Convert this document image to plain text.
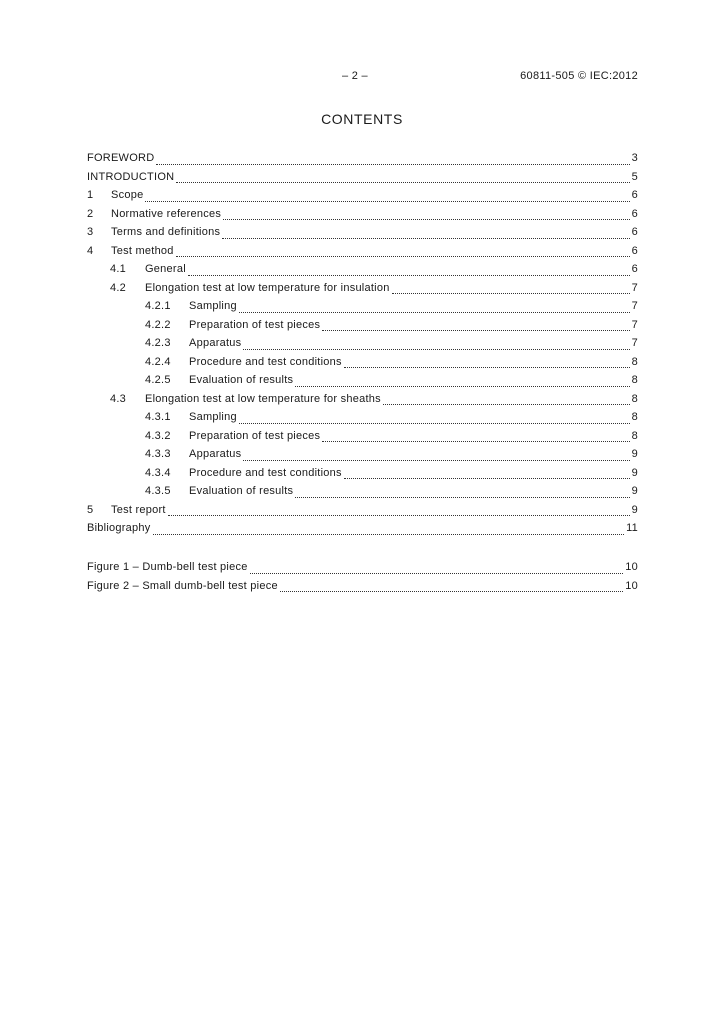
– 2 –	60811-505 © IEC:2012
CONTENTS
FOREWORD	3
INTRODUCTION	5
1	Scope	6
2	Normative references	6
3	Terms and definitions	6
4	Test method	6
4.1	General	6
4.2	Elongation test at low temperature for insulation	7
4.2.1	Sampling	7
4.2.2	Preparation of test pieces	7
4.2.3	Apparatus	7
4.2.4	Procedure and test conditions	8
4.2.5	Evaluation of results	8
4.3	Elongation test at low temperature for sheaths	8
4.3.1	Sampling	8
4.3.2	Preparation of test pieces	8
4.3.3	Apparatus	9
4.3.4	Procedure and test conditions	9
4.3.5	Evaluation of results	9
5	Test report	9
Bibliography	11
Figure 1 – Dumb-bell test piece	10
Figure 2 – Small dumb-bell test piece	10
